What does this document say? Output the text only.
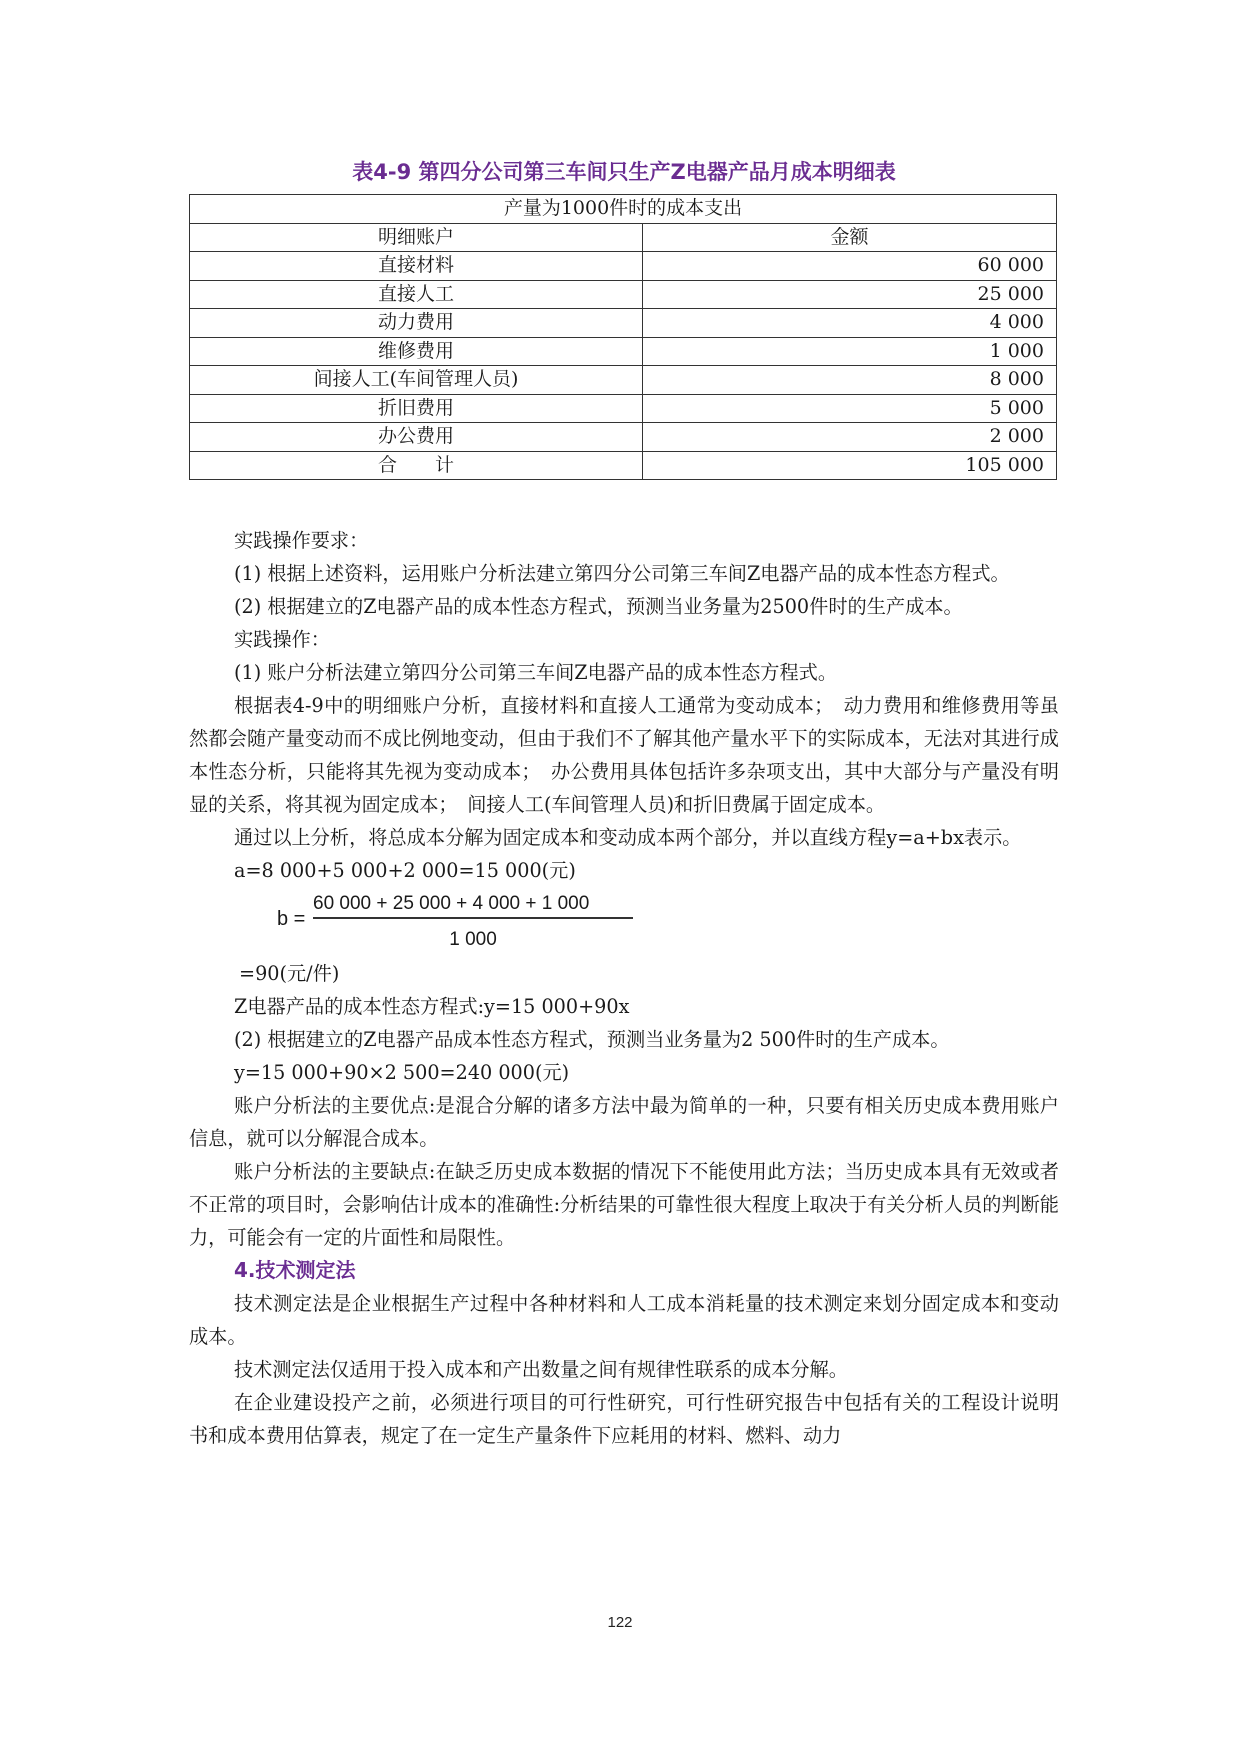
表4-9 第四分公司第三车间只生产Z电器产品月成本明细表
产量为1000件时的成本支出	
明细账户	金额
直接材料	60 000
直接人工	25 000
动力费用	4 000
维修费用	1 000
间接人工(车间管理人员)	8 000
折旧费用	5 000
办公费用	2 000
合　　计	105 000

实践操作要求：

(1) 根据上述资料，运用账户分析法建立第四分公司第三车间Z电器产品的成本性态方程式。

(2) 根据建立的Z电器产品的成本性态方程式，预测当业务量为2500件时的生产成本。

实践操作：

(1) 账户分析法建立第四分公司第三车间Z电器产品的成本性态方程式。

根据表4-9中的明细账户分析，直接材料和直接人工通常为变动成本；　动力费用和维修费用等虽然都会随产量变动而不成比例地变动，但由于我们不了解其他产量水平下的实际成本，无法对其进行成本性态分析，只能将其先视为变动成本；　办公费用具体包括许多杂项支出，其中大部分与产量没有明显的关系，将其视为固定成本；　间接人工(车间管理人员)和折旧费属于固定成本。

通过以上分析，将总成本分解为固定成本和变动成本两个部分，并以直线方程y=a+bx表示。

a=8 000+5 000+2 000=15 000(元)

b =
60 000 + 25 000 + 4 000 + 1 000
1 000

=90(元/件)

Z电器产品的成本性态方程式:y=15 000+90x

(2) 根据建立的Z电器产品成本性态方程式，预测当业务量为2 500件时的生产成本。

y=15 000+90×2 500=240 000(元)

账户分析法的主要优点:是混合分解的诸多方法中最为简单的一种，只要有相关历史成本费用账户信息，就可以分解混合成本。

账户分析法的主要缺点:在缺乏历史成本数据的情况下不能使用此方法；当历史成本具有无效或者不正常的项目时，会影响估计成本的准确性:分析结果的可靠性很大程度上取决于有关分析人员的判断能力，可能会有一定的片面性和局限性。

4.技术测定法

技术测定法是企业根据生产过程中各种材料和人工成本消耗量的技术测定来划分固定成本和变动成本。

技术测定法仅适用于投入成本和产出数量之间有规律性联系的成本分解。

在企业建设投产之前，必须进行项目的可行性研究，可行性研究报告中包括有关的工程设计说明书和成本费用估算表，规定了在一定生产量条件下应耗用的材料、燃料、动力

122
